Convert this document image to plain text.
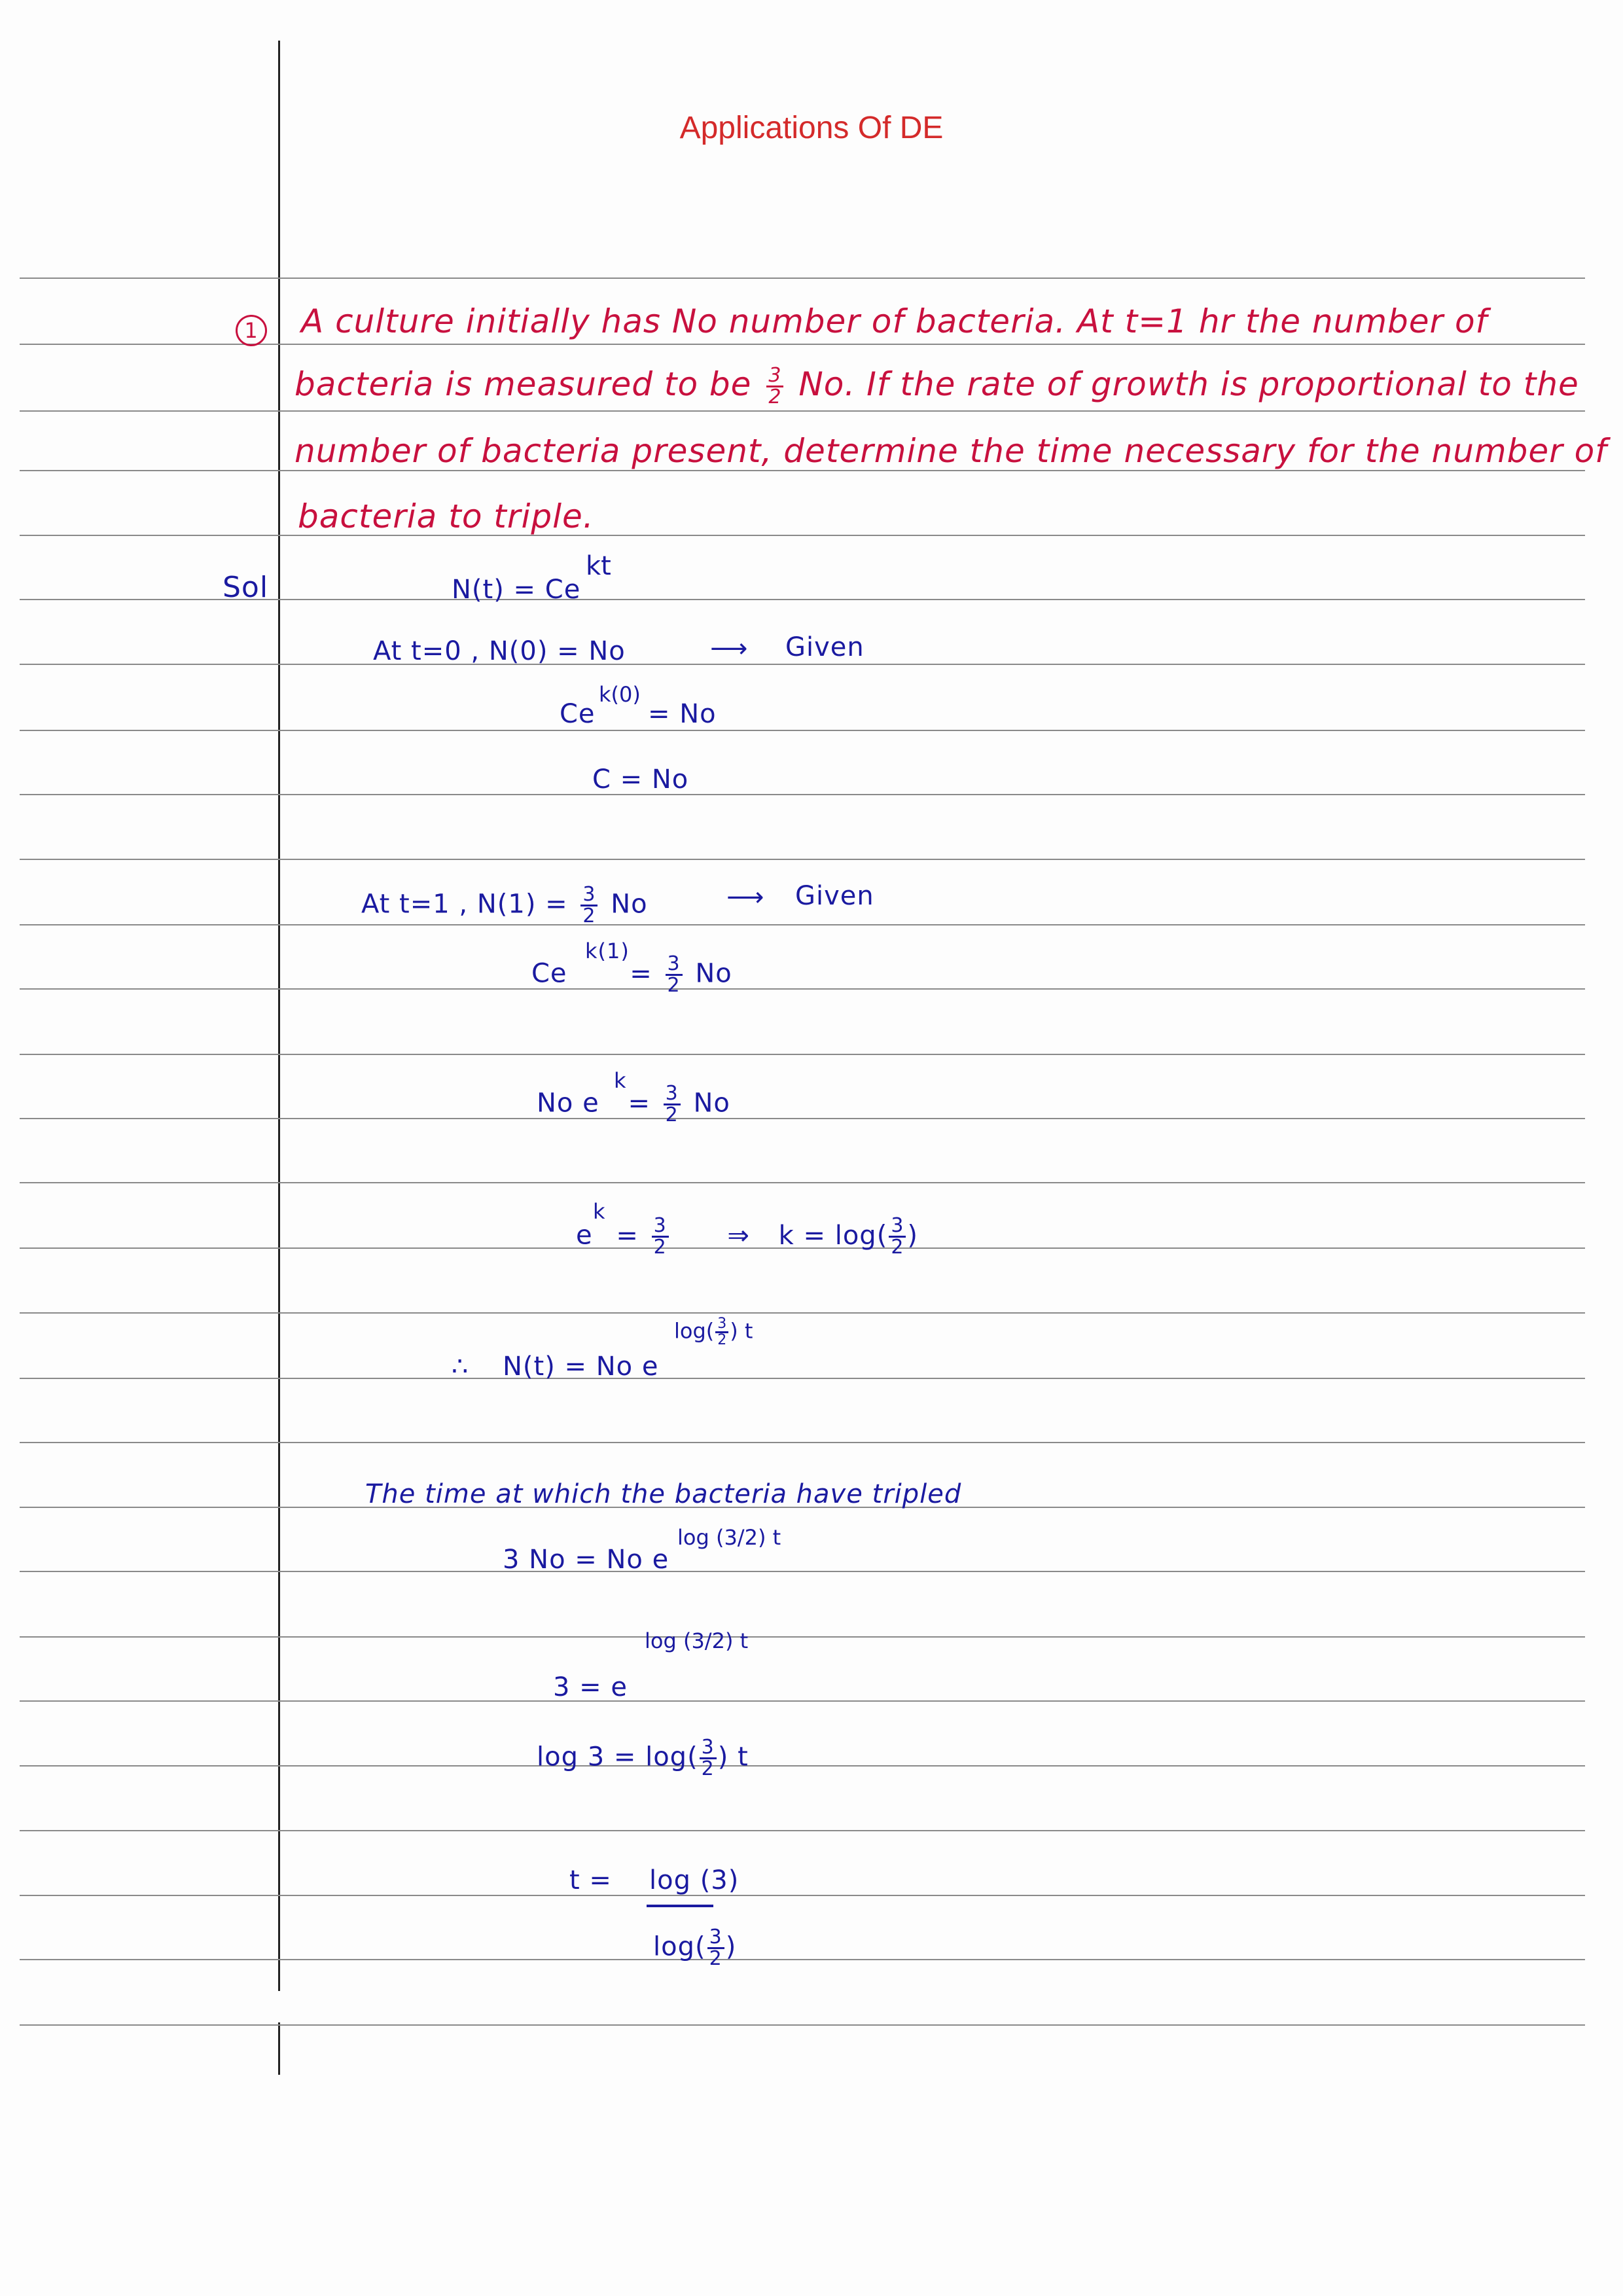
Applications Of DE
1 A culture initially has No number of bacteria. At t=1 hr the number of
bacteria is measured to be $\frac{3}{2} No$. If the rate of growth is proportional to the
number of bacteria present, determine the time necessary for the number of
bacteria to triple.
Sol	N(t) = Ce
kt
At t=0 , N(0) = No	⟶ Given
Ce
k(0)
= No
C = No
At t=1 , $N(1) = \frac{3}{2}$ No	⟶ Given
Ce
k(1)
= $\frac{3}{2}$ No
No e
k
= $\frac{3}{2}$ No
e
k
= $\frac{3}{2}$ ⇒ $k = \log( \frac{3}{2}$ )
∴ N(t) = No e
$\log( \frac{3}{2}$ ) t
The time at which the bacteria have tripled
3 No = No e
log (3/2) t
3 = e
log (3/2) t
$\log 3 = \log( \frac{3}{2}$ ) t
t = log (3)
$\log( \frac{3}{2}$ )
